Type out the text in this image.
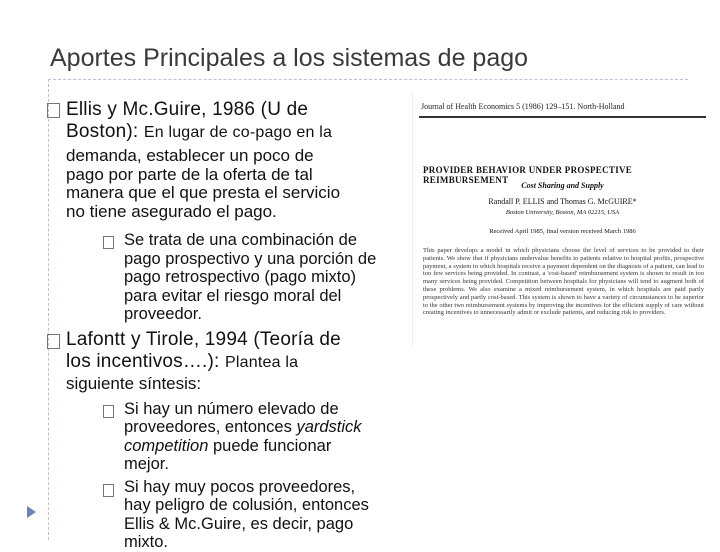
Aportes Principales a los sistemas de pago
Ellis y Mc.Guire, 1986 (U de
Boston): En lugar de co-pago en la
demanda, establecer un poco de
pago por parte de la oferta de tal
manera que el que presta el servicio
no tiene asegurado el pago.
Se trata de una combinación de
pago prospectivo y una porción de
pago retrospectivo (pago mixto)
para evitar el riesgo moral del
proveedor.
Lafontt y Tirole, 1994 (Teoría de
los incentivos….): Plantea la
siguiente síntesis:
Si hay un número elevado de
proveedores, entonces yardstick
competition puede funcionar
mejor.
Si hay muy pocos proveedores,
hay peligro de colusión, entonces
Ellis & Mc.Guire, es decir, pago
mixto.
Journal of Health Economics 5 (1986) 129–151. North-Holland
PROVIDER BEHAVIOR UNDER PROSPECTIVE REIMBURSEMENT
Cost Sharing and Supply
Randall P. ELLIS and Thomas G. McGUIRE*
Boston University, Boston, MA 02215, USA
Received April 1985, final version received March 1986
This paper develops a model in which physicians choose the level of services to be provided to their patients. We show that if physicians undervalue benefits to patients relative to hospital profits, prospective payment, a system in which hospitals receive a payment dependent on the diagnosis of a patient, can lead to too few services being provided. In contrast, a 'cost-based' reimbursement system is shown to result in too many services being provided. Competition between hospitals for physicians will tend to augment both of these problems. We also examine a mixed reimbursement system, in which hospitals are paid partly prospectively and partly cost-based. This system is shown to have a variety of circumstances to be superior to the other two reimbursement systems by improving the incentives for the efficient supply of care without creating incentives to unnecessarily admit or exclude patients, and reducing risk to providers.
